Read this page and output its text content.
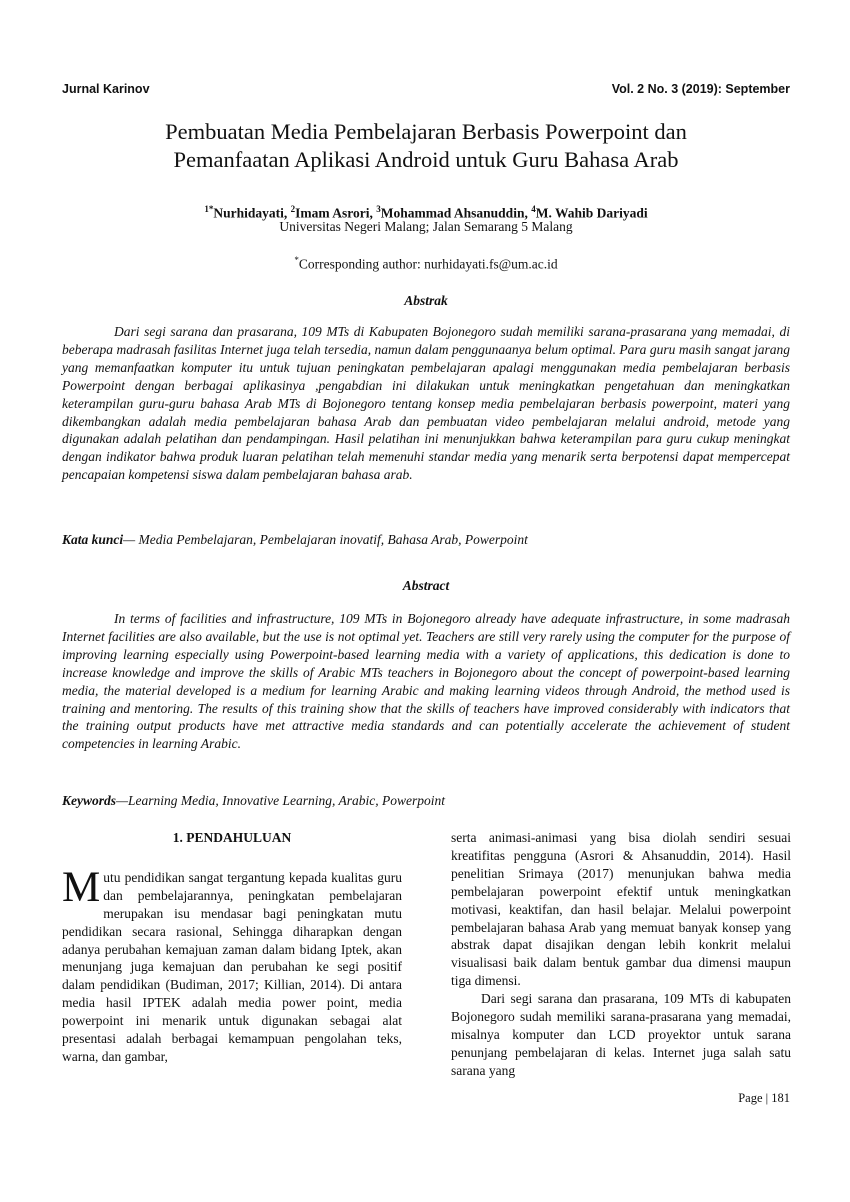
Jurnal Karinov	Vol. 2 No. 3 (2019): September
Pembuatan Media Pembelajaran Berbasis Powerpoint dan
Pemanfaatan Aplikasi Android untuk Guru Bahasa Arab
$^{1*}$Nurhidayati, $^2$Imam Asrori, $^3$Mohammad Ahsanuddin, $^4$M. Wahib Dariyadi
Universitas Negeri Malang; Jalan Semarang 5 Malang
*Corresponding author: nurhidayati.fs@um.ac.id
Abstrak

Dari segi sarana dan prasarana, 109 MTs di Kabupaten Bojonegoro sudah memiliki sarana-prasarana yang memadai, di beberapa madrasah fasilitas Internet juga telah tersedia, namun dalam penggunaanya belum optimal. Para guru masih sangat jarang yang memanfaatkan komputer itu untuk tujuan peningkatan pembelajaran apalagi menggunakan media pembelajaran berbasis Powerpoint dengan berbagai aplikasinya ,pengabdian ini dilakukan untuk meningkatkan pengetahuan dan meningkatkan keterampilan guru-guru bahasa Arab MTs di Bojonegoro tentang konsep media pembelajaran berbasis powerpoint, materi yang dikembangkan adalah media pembelajaran bahasa Arab dan pembuatan video pembelajaran melalui android, metode yang digunakan adalah pelatihan dan pendampingan. Hasil pelatihan ini menunjukkan bahwa keterampilan para guru cukup meningkat dengan indikator bahwa produk luaran pelatihan telah memenuhi standar media yang menarik serta berpotensi dapat mempercepat pencapaian kompetensi siswa dalam pembelajaran bahasa arab.

Kata kunci— Media Pembelajaran, Pembelajaran inovatif, Bahasa Arab, Powerpoint
Abstract

In terms of facilities and infrastructure, 109 MTs in Bojonegoro already have adequate infrastructure, in some madrasah Internet facilities are also available, but the use is not optimal yet. Teachers are still very rarely using the computer for the purpose of improving learning especially using Powerpoint-based learning media with a variety of applications, this dedication is done to increase knowledge and improve the skills of Arabic MTs teachers in Bojonegoro about the concept of powerpoint-based learning media, the material developed is a medium for learning Arabic and making learning videos through Android, the method used is training and mentoring. The results of this training show that the skills of teachers have improved considerably with indicators that the training output products have met attractive media standards and can potentially accelerate the achievement of student competencies in learning Arabic.

Keywords—Learning Media, Innovative Learning, Arabic, Powerpoint

1. PENDAHULUAN

Mutu pendidikan sangat tergantung kepada kualitas guru dan pembelajarannya, peningkatan pembelajaran merupakan isu mendasar bagi peningkatan mutu pendidikan secara rasional, Sehingga diharapkan dengan adanya perubahan kemajuan zaman dalam bidang Iptek, akan menunjang juga kemajuan dan perubahan ke segi positif dalam pendidikan (Budiman, 2017; Killian, 2014). Di antara media hasil IPTEK adalah media power point, media powerpoint ini menarik untuk digunakan sebagai alat presentasi adalah berbagai kemampuan pengolahan teks, warna, dan gambar,

serta animasi-animasi yang bisa diolah sendiri sesuai kreatifitas pengguna (Asrori & Ahsanuddin, 2014). Hasil penelitian Srimaya (2017) menunjukan bahwa media pembelajaran powerpoint efektif untuk meningkatkan motivasi, keaktifan, dan hasil belajar. Melalui powerpoint pembelajaran bahasa Arab yang memuat banyak konsep yang abstrak dapat disajikan dengan lebih konkrit melalui visualisasi baik dalam bentuk gambar dua dimensi maupun tiga dimensi.

Dari segi sarana dan prasarana, 109 MTs di kabupaten Bojonegoro sudah memiliki sarana-prasarana yang memadai, misalnya komputer dan LCD proyektor untuk sarana penunjang pembelajaran di kelas. Internet juga salah satu sarana yang

Page | 181
